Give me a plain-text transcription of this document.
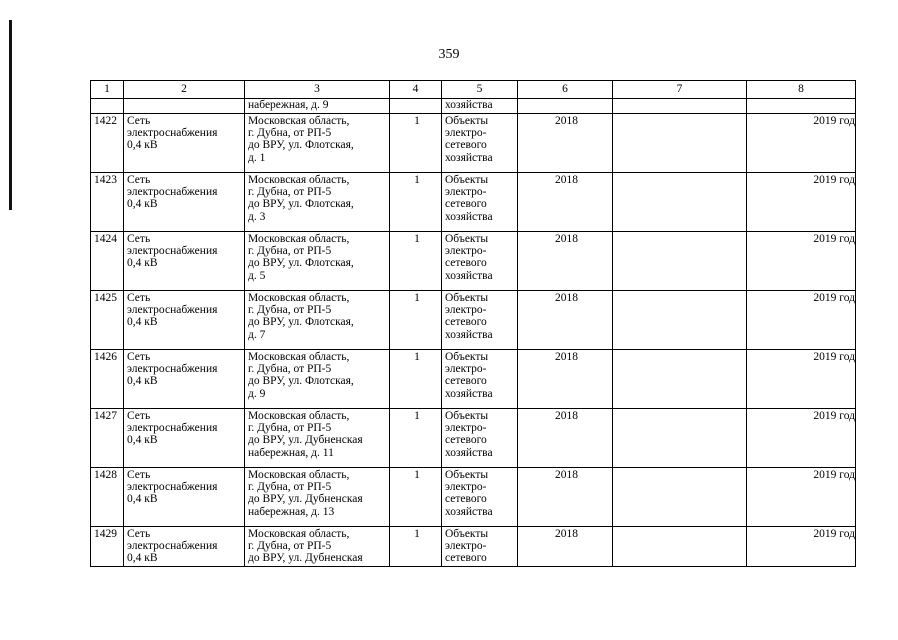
359
1	2	3	4	5	6	7	8

		набережная, д. 9		хозяйства			

1422	Сеть
электроснабжения
0,4 кВ	Московская область,
г. Дубна, от РП-5
до ВРУ, ул. Флотская,
д. 1	1	Объекты
электро-
сетевого
хозяйства	2018		2019 год
1423	Сеть
электроснабжения
0,4 кВ	Московская область,
г. Дубна, от РП-5
до ВРУ, ул. Флотская,
д. 3	1	Объекты
электро-
сетевого
хозяйства	2018		2019 год
1424	Сеть
электроснабжения
0,4 кВ	Московская область,
г. Дубна, от РП-5
до ВРУ, ул. Флотская,
д. 5	1	Объекты
электро-
сетевого
хозяйства	2018		2019 год
1425	Сеть
электроснабжения
0,4 кВ	Московская область,
г. Дубна, от РП-5
до ВРУ, ул. Флотская,
д. 7	1	Объекты
электро-
сетевого
хозяйства	2018		2019 год
1426	Сеть
электроснабжения
0,4 кВ	Московская область,
г. Дубна, от РП-5
до ВРУ, ул. Флотская,
д. 9	1	Объекты
электро-
сетевого
хозяйства	2018		2019 год
1427	Сеть
электроснабжения
0,4 кВ	Московская область,
г. Дубна, от РП-5
до ВРУ, ул. Дубненская
набережная, д. 11	1	Объекты
электро-
сетевого
хозяйства	2018		2019 год
1428	Сеть
электроснабжения
0,4 кВ	Московская область,
г. Дубна, от РП-5
до ВРУ, ул. Дубненская
набережная, д. 13	1	Объекты
электро-
сетевого
хозяйства	2018		2019 год
1429	Сеть
электроснабжения
0,4 кВ	Московская область,
г. Дубна, от РП-5
до ВРУ, ул. Дубненская	1	Объекты
электро-
сетевого	2018		2019 год
